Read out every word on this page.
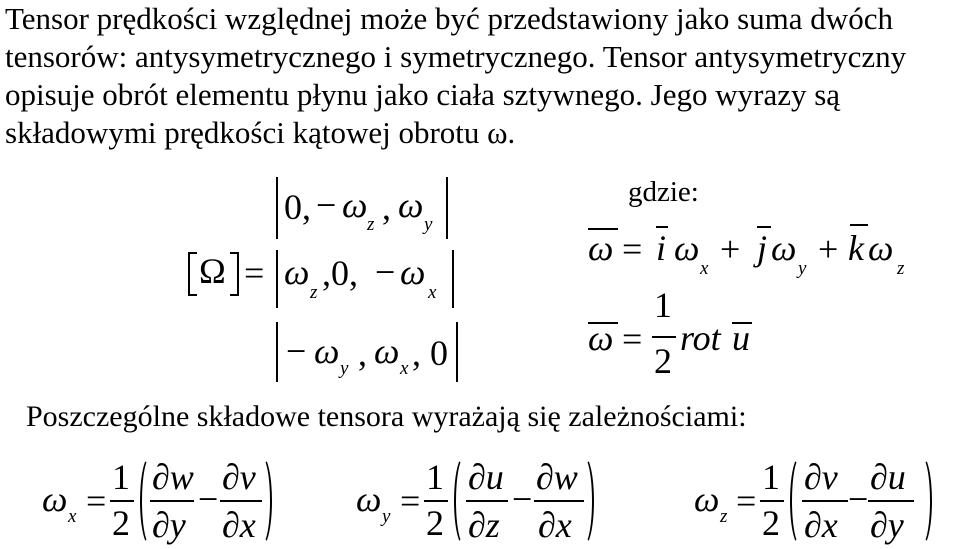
Tensor prędkości względnej może być przedstawiony jako suma dwóch
tensorów: antysymetrycznego i symetrycznego. Tensor antysymetryczny
opisuje obrót elementu płynu jako ciała sztywnego. Jego wyrazy są
składowymi prędkości kątowej obrotu ω.
Ω =
0, − ω z , ω y
ω
z ,0, − ω
x
− ω y , ω x , 0
gdzie:
ω = i ω
x + j ω
y + k ω
z
ω =
1
2
rot u
Poszczególne składowe tensora wyrażają się zależnościami:
ω x =
1
2
∂w
∂y
−
∂v
∂x
ω y =
1
2
∂u
∂z
−
∂w
∂x
ω z =
1
2
∂v
∂x
−
∂u
∂y
